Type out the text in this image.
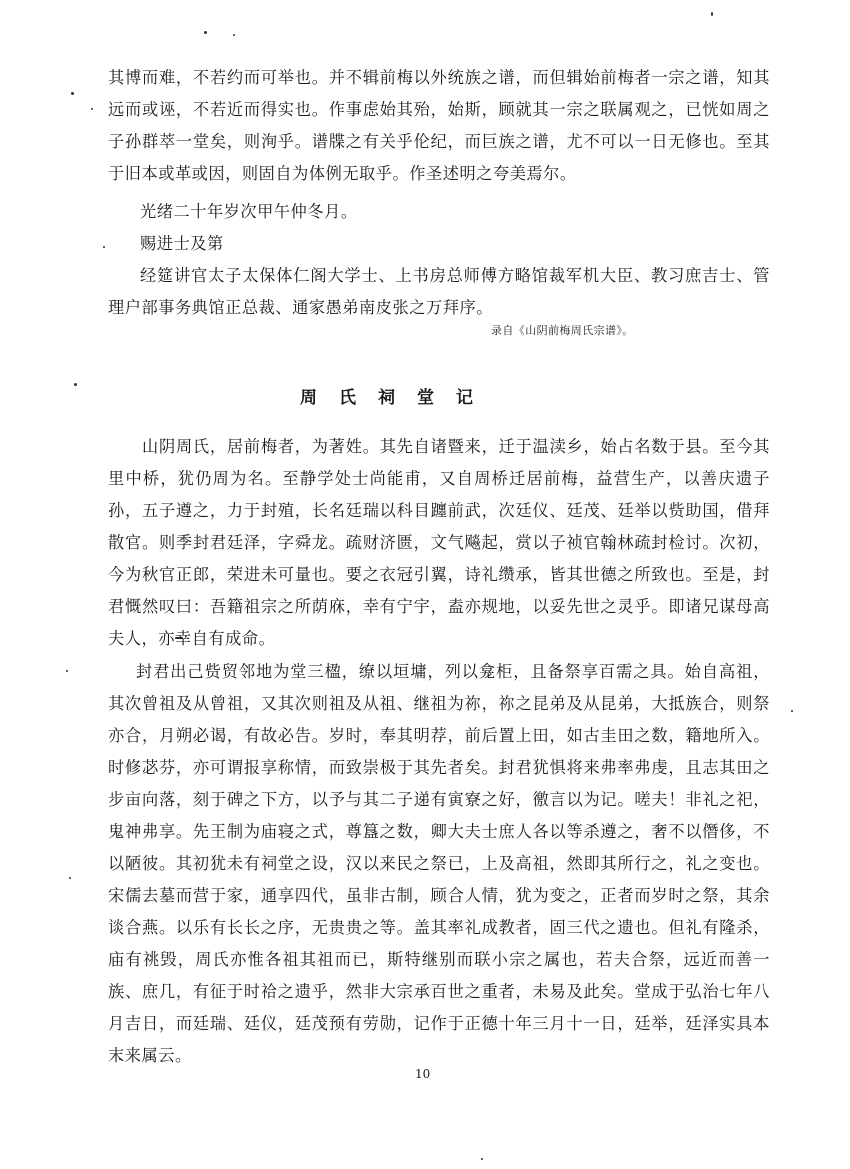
其博而难，不若约而可举也。并不辑前梅以外统族之谱，而但辑始前梅者一宗之谱，知其远而或诬，不若近而得实也。作事虑始其殆，始斯，顾就其一宗之联属观之，已恍如周之子孙群萃一堂矣，则洵乎。谱牒之有关乎伦纪，而巨族之谱，尤不可以一日无修也。至其于旧本或革或因，则固自为体例无取乎。作圣述明之夸美焉尔。

光绪二十年岁次甲午仲冬月。

赐进士及第

经筵讲官太子太保体仁阁大学士、上书房总师傅方略馆裁军机大臣、教习庶吉士、管理户部事务典馆正总裁、通家愚弟南皮张之万拜序。

录自《山阴前梅周氏宗谱》。
周氏祠堂记

山阴周氏，居前梅者，为著姓。其先自诸暨来，迁于温渎乡，始占名数于县。至今其里中桥，犹仍周为名。至静学处士尚能甫，又自周桥迁居前梅，益营生产，以善庆遗子孙，五子遵之，力于封殖，长名廷瑞以科目躔前武，次廷仪、廷茂、廷举以赀助国，借拜散官。则季封君廷泽，字舜龙。疏财济匮，文气飚起，赏以子祯官翰林疏封检讨。次初，今为秋官正郎，荣进未可量也。要之衣冠引翼，诗礼缵承，皆其世德之所致也。至是，封君慨然叹曰：吾籍祖宗之所荫庥，幸有宁宇，盍亦规地，以妥先世之灵乎。即诸兄谋母高夫人，亦幸自有成命。

封君出己赀贸邻地为堂三楹，缭以垣墉，列以龛柜，且备祭享百需之具。始自高祖，其次曾祖及从曾祖，又其次则祖及从祖、继祖为祢，祢之昆弟及从昆弟，大抵族合，则祭亦合，月朔必谒，有故必告。岁时，奉其明荐，前后置上田，如古圭田之数，籍地所入。时修苾芬，亦可谓报享称情，而致崇极于其先者矣。封君犹惧将来弗率弗虔，且志其田之步亩向落，刻于碑之下方，以予与其二子递有寅寮之好，徼言以为记。嗟夫！非礼之祀，鬼神弗享。先王制为庙寝之式，尊簋之数，卿大夫士庶人各以等杀遵之，奢不以僭侈，不以陋彼。其初犹未有祠堂之设，汉以来民之祭已，上及高祖，然即其所行之，礼之变也。宋儒去墓而营于家，通享四代，虽非古制，顾合人情，犹为变之，正者而岁时之祭，其余谈合燕。以乐有长长之序，无贵贵之等。盖其率礼成教者，固三代之遗也。但礼有隆杀，庙有祧毁，周氏亦惟各祖其祖而已，斯特继别而联小宗之属也，若夫合祭，远近而善一族、庶几，有征于时祫之遗乎，然非大宗承百世之重者，未易及此矣。堂成于弘治七年八月吉日，而廷瑞、廷仪，廷茂预有劳勋，记作于正德十年三月十一日，廷举，廷泽实具本末来属云。

10
